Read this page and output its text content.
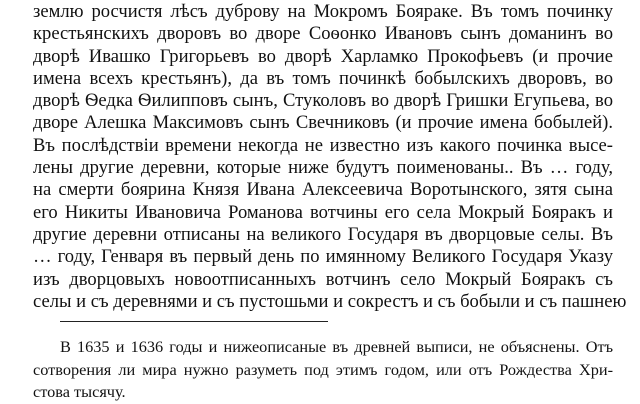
землю росчистя лѣсъ дуброву на Мокромъ Бояраке. Въ томъ починку
крестьянскихъ дворовъ во дворе Соѳонко Ивановъ сынъ доманинъ во
дворѣ Ивашко Григорьевъ во дворѣ Харламко Прокофьевъ (и прочие
имена всехъ крестьянъ), да въ томъ починкѣ бобылскихъ дворовъ, во
дворѣ Ѳедка Ѳилипповъ сынъ, Стуколовъ во дворѣ Гришки Егупьева, во
дворе Алешка Максимовъ сынъ Свечниковъ (и прочие имена бобылей).
Въ послѣдствiи времени некогда не известно изъ какого починка высе-
лены другие деревни, которые ниже будутъ поименованы.. Въ … году,
на смерти боярина Князя Ивана Алексеевича Воротынского, зятя сына
его Никиты Ивановича Романова вотчины его села Мокрый Бояракъ и
другие деревни отписаны на великого Государя въ дворцовые селы. Въ
… году, Генваря въ первый день по имянному Великого Государя Указу
изъ дворцовыхъ новоотписанныхъ вотчинъ село Мокрый Бояракъ съ
селы и съ деревнями и съ пустошьми и сокрестъ и съ бобыли и съ пашнею
В 1635 и 1636 годы и нижеописаные въ древней выписи, не объяснены. Отъ
сотворения ли мира нужно разуметь под этимъ годом, или отъ Рождества Хри-
стова тысячу.
